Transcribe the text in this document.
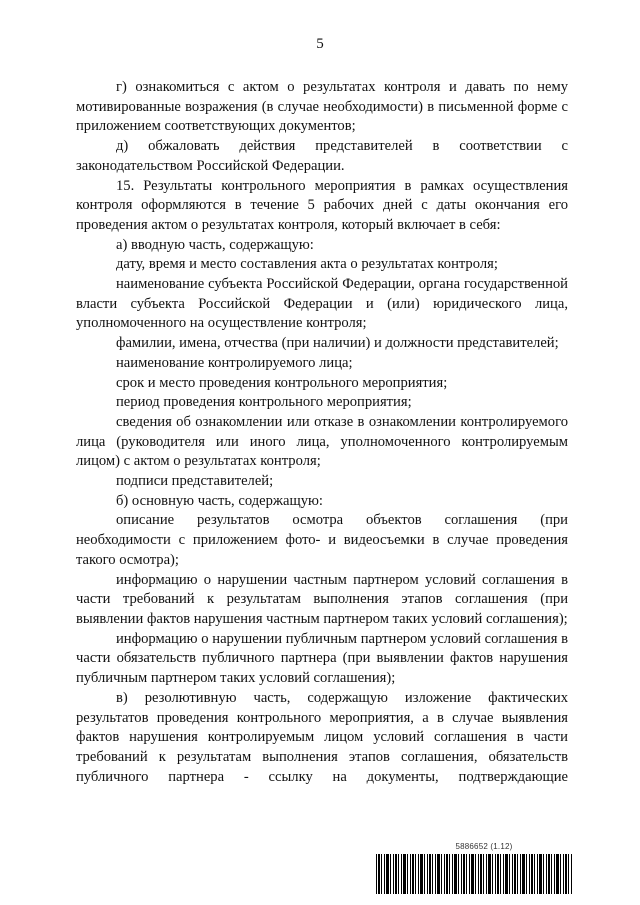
5

г) ознакомиться с актом о результатах контроля и давать по нему мотивированные возражения (в случае необходимости) в письменной форме с приложением соответствующих документов;

д) обжаловать действия представителей в соответствии с законодательством Российской Федерации.

15. Результаты контрольного мероприятия в рамках осуществления контроля оформляются в течение 5 рабочих дней с даты окончания его проведения актом о результатах контроля, который включает в себя:

а) вводную часть, содержащую:

дату, время и место составления акта о результатах контроля;

наименование субъекта Российской Федерации, органа государственной власти субъекта Российской Федерации и (или) юридического лица, уполномоченного на осуществление контроля;

фамилии, имена, отчества (при наличии) и должности представителей;

наименование контролируемого лица;

срок и место проведения контрольного мероприятия;

период проведения контрольного мероприятия;

сведения об ознакомлении или отказе в ознакомлении контролируемого лица (руководителя или иного лица, уполномоченного контролируемым лицом) с актом о результатах контроля;

подписи представителей;

б) основную часть, содержащую:

описание результатов осмотра объектов соглашения (при необходимости с приложением фото- и видеосъемки в случае проведения такого осмотра);

информацию о нарушении частным партнером условий соглашения в части требований к результатам выполнения этапов соглашения (при выявлении фактов нарушения частным партнером таких условий соглашения);

информацию о нарушении публичным партнером условий соглашения в части обязательств публичного партнера (при выявлении фактов нарушения публичным партнером таких условий соглашения);

в) резолютивную часть, содержащую изложение фактических результатов проведения контрольного мероприятия, а в случае выявления фактов нарушения контролируемым лицом условий соглашения в части требований к результатам выполнения этапов соглашения, обязательств публичного партнера - ссылку на документы, подтверждающие

5886652 (1.12)
